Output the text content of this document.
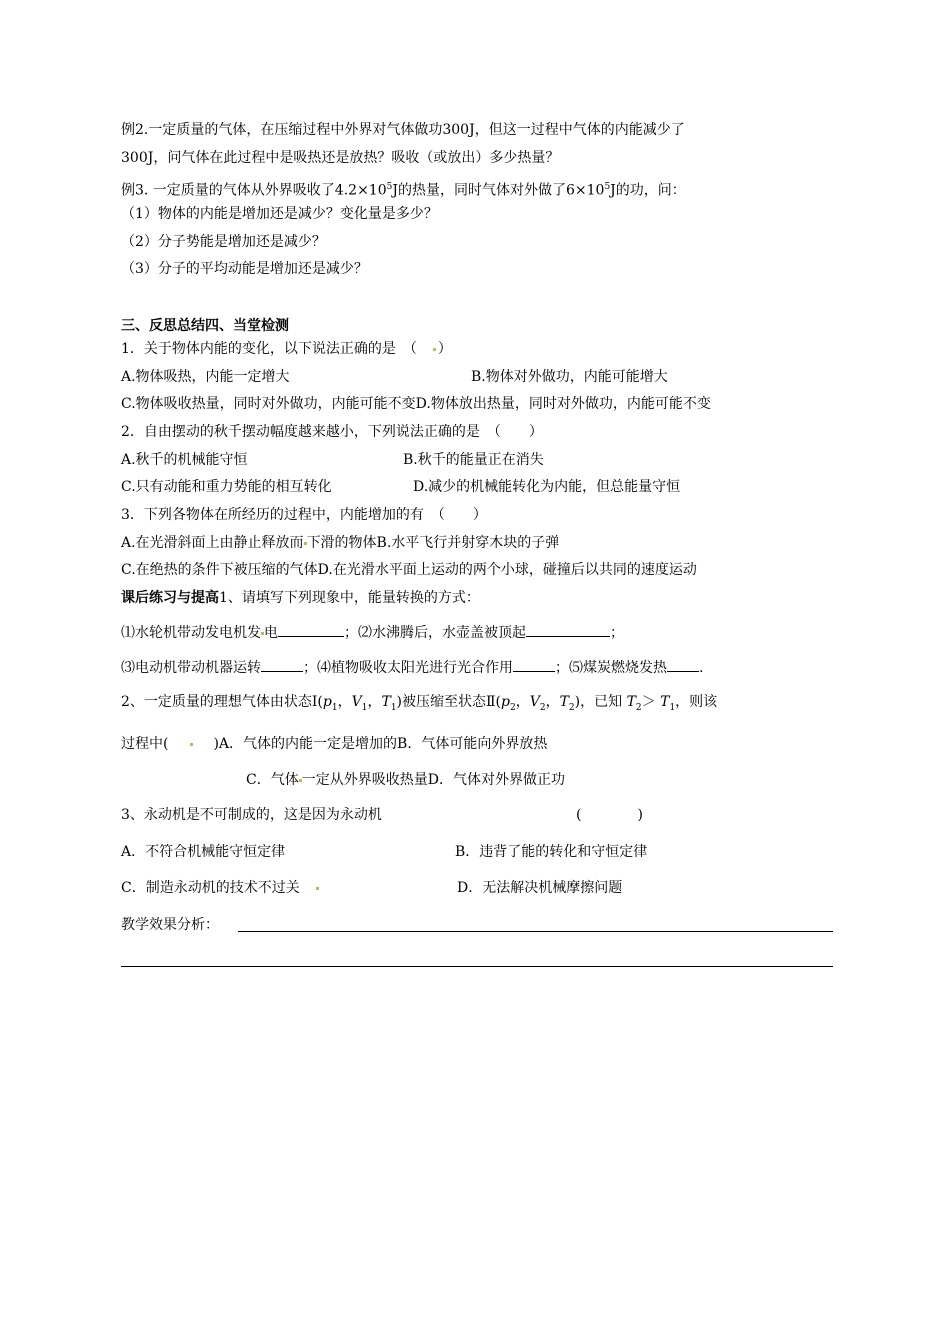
例2.一定质量的气体，在压缩过程中外界对气体做功300J，但这一过程中气体的内能减少了
300J，问气体在此过程中是吸热还是放热？吸收（或放出）多少热量？
例3. 一定质量的气体从外界吸收了$4.2\times 10^5J$的热量，同时气体对外做了$6\times 10^5J$的功，问：
（1）物体的内能是增加还是减少？变化量是多少？
（2）分子势能是增加还是减少？
（3）分子的平均动能是增加还是减少？
三、反思总结四、当堂检测
1．关于物体内能的变化，以下说法正确的是　（ ）
A.物体吸热，内能一定增大	B.物体对外做功，内能可能增大
C.物体吸收热量，同时对外做功，内能可能不变D.物体放出热量，同时对外做功，内能可能不变
2．自由摆动的秋千摆动幅度越来越小，下列说法正确的是　（　　）
A.秋千的机械能守恒	B.秋千的能量正在消失
C.只有动能和重力势能的相互转化	D.减少的机械能转化为内能，但总能量守恒
3．下列各物体在所经历的过程中，内能增加的有　（　　）
A.在光滑斜面上由静止释放而 下滑的物体B.水平飞行并射穿木块的子弹
C.在绝热的条件下被压缩的气体D.在光滑水平面上运动的两个小球，碰撞后以共同的速度运动
课后练习与提高1、请填写下列现象中，能量转换的方式：
⑴水轮机带动发电机发 电	；⑵水沸腾后，水壶盖被顶起	；
⑶电动机带动机器运转	；⑷植物吸收太阳光进行光合作用	；⑸煤炭燃烧发热 .
2、一定质量的理想气体由状态$Ⅰ(p_1$，$V_1$，$T_1$)被压缩至状态$Ⅱ(p_2$，$V_2$，$T_2$)，已知 $T_2> T_1$，则该
过程中(	)A．气体的内能一定是增加的B．气体可能向外界放热
C．气体 一定从外界吸收热量D．气体对外界做正功
3、永动机是不可制成的，这是因为永动机	(　　　　)
A．不符合机械能守恒定律	B．违背了能的转化和守恒定律
C．制造永动机的技术不过关	D．无法解决机械摩擦问题
教学效果分析：
